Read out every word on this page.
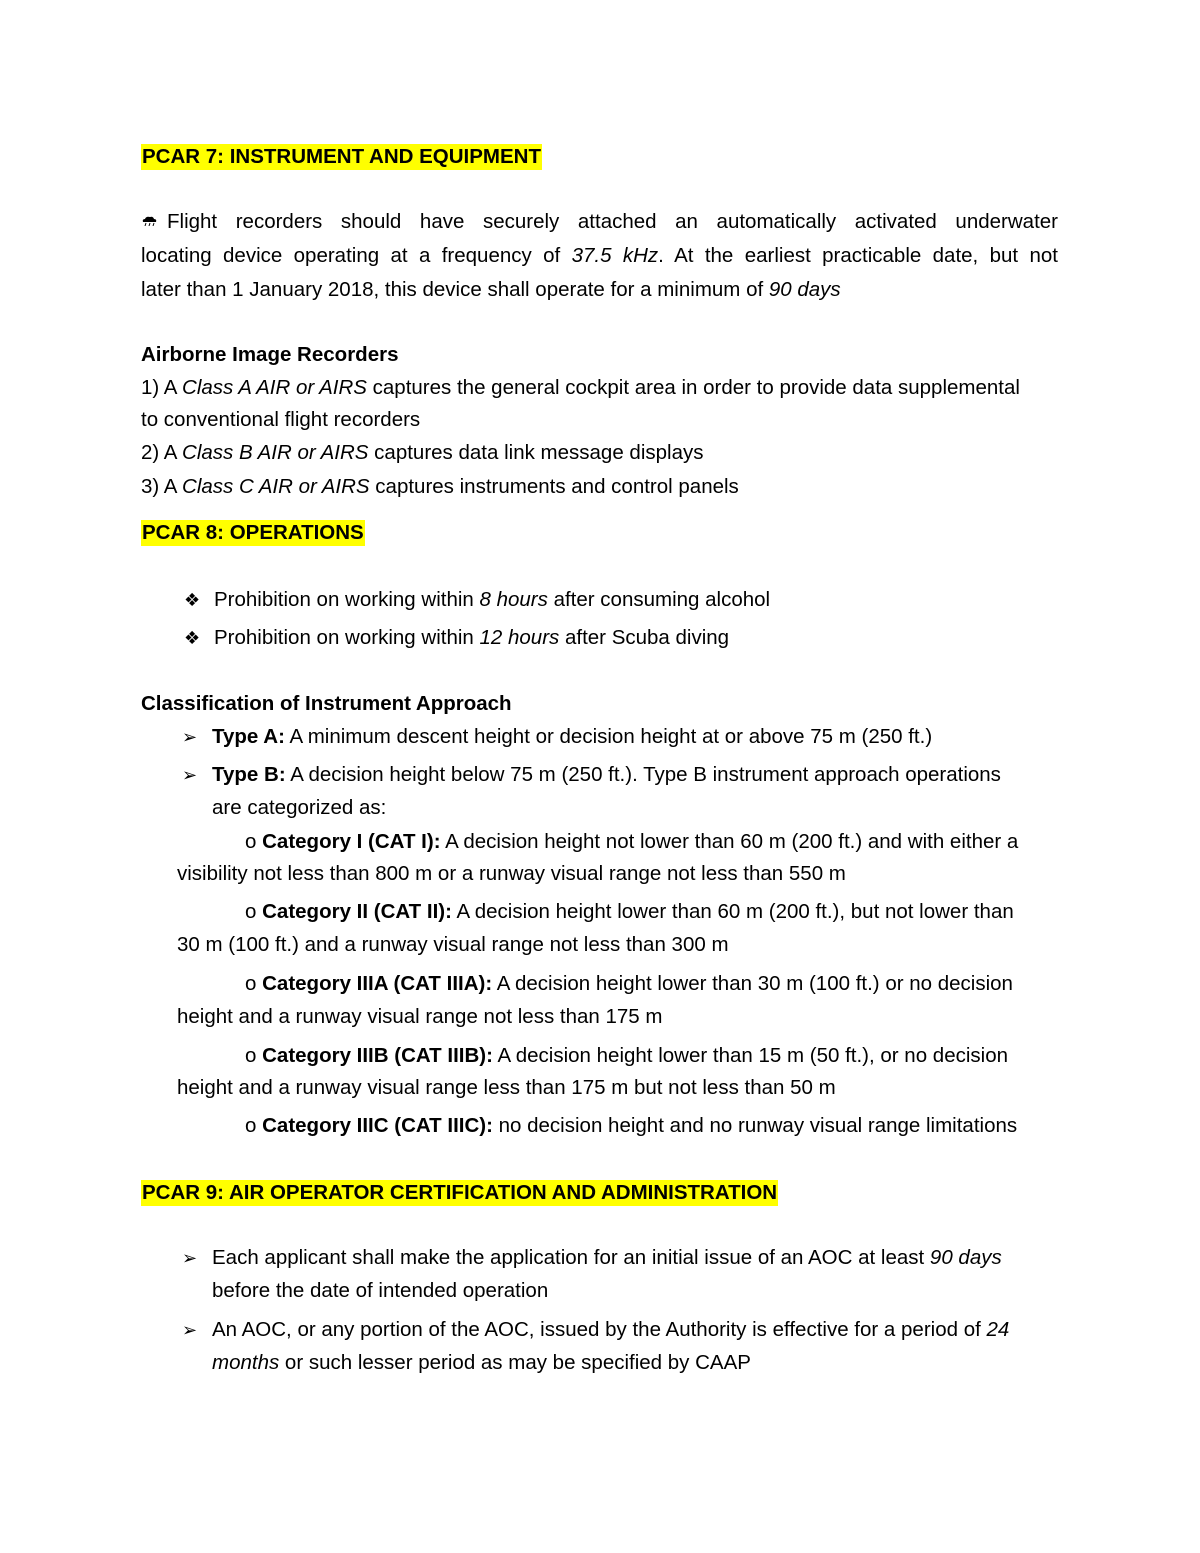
PCAR 7: INSTRUMENT AND EQUIPMENT
Flight recorders should have securely attached an automatically activated underwater
locating device operating at a frequency of 37.5 kHz. At the earliest practicable date, but not
later than 1 January 2018, this device shall operate for a minimum of 90 days
Airborne Image Recorders
1) A Class A AIR or AIRS captures the general cockpit area in order to provide data supplemental
to conventional flight recorders
2) A Class B AIR or AIRS captures data link message displays
3) A Class C AIR or AIRS captures instruments and control panels
PCAR 8: OPERATIONS
❖ Prohibition on working within 8 hours after consuming alcohol
❖ Prohibition on working within 12 hours after Scuba diving
Classification of Instrument Approach
➢ Type A: A minimum descent height or decision height at or above 75 m (250 ft.)
➢ Type B: A decision height below 75 m (250 ft.). Type B instrument approach operations
are categorized as:
o Category I (CAT I): A decision height not lower than 60 m (200 ft.) and with either a
visibility not less than 800 m or a runway visual range not less than 550 m
o Category II (CAT II): A decision height lower than 60 m (200 ft.), but not lower than
30 m (100 ft.) and a runway visual range not less than 300 m
o Category IIIA (CAT IIIA): A decision height lower than 30 m (100 ft.) or no decision
height and a runway visual range not less than 175 m
o Category IIIB (CAT IIIB): A decision height lower than 15 m (50 ft.), or no decision
height and a runway visual range less than 175 m but not less than 50 m
o Category IIIC (CAT IIIC): no decision height and no runway visual range limitations
PCAR 9: AIR OPERATOR CERTIFICATION AND ADMINISTRATION
➢ Each applicant shall make the application for an initial issue of an AOC at least 90 days
before the date of intended operation
➢ An AOC, or any portion of the AOC, issued by the Authority is effective for a period of 24
months or such lesser period as may be specified by CAAP
